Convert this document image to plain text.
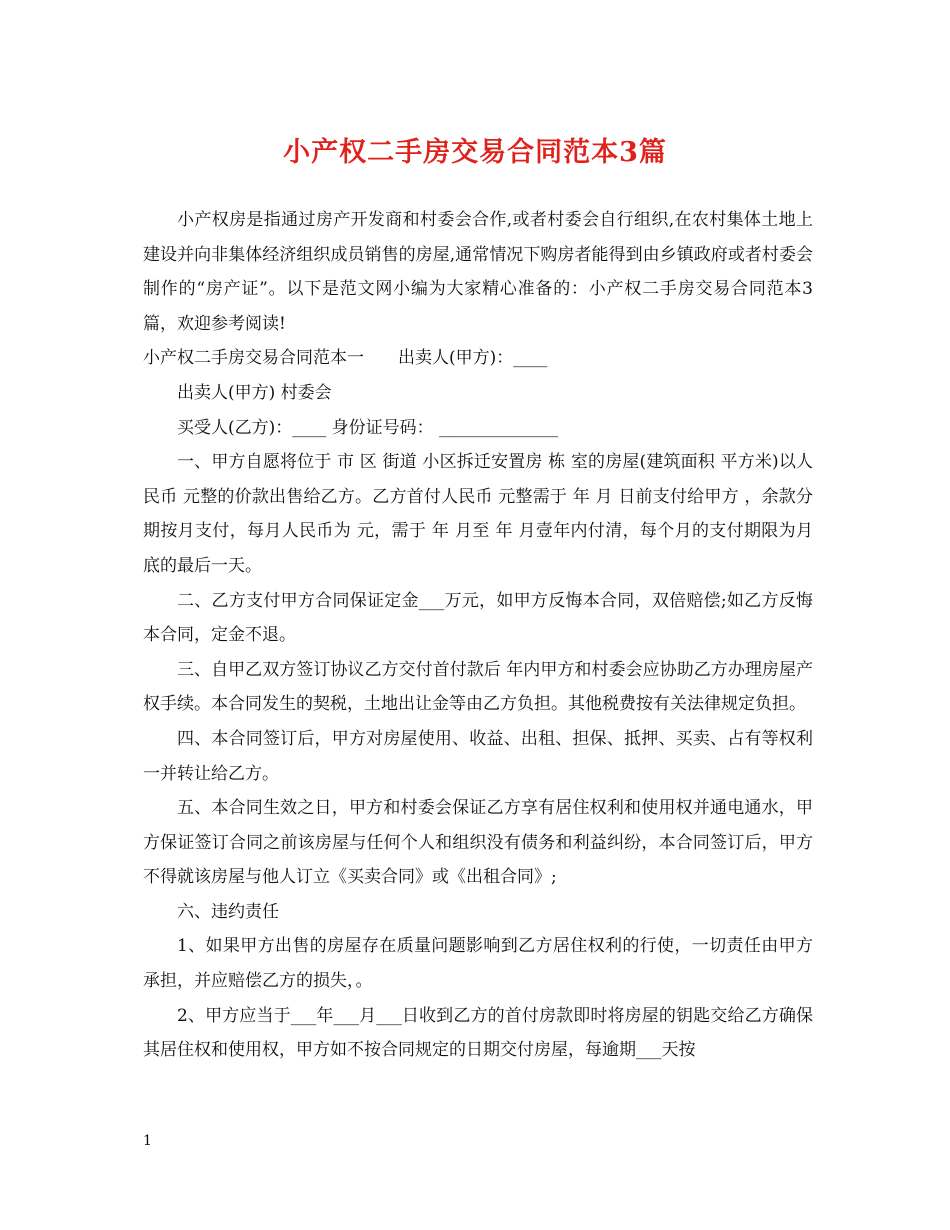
小产权二手房交易合同范本3篇

小产权房是指通过房产开发商和村委会合作,或者村委会自行组织,在农村集体土地上建设并向非集体经济组织成员销售的房屋,通常情况下购房者能得到由乡镇政府或者村委会制作的“房产证”。以下是范文网小编为大家精心准备的：小产权二手房交易合同范本3篇，欢迎参考阅读!

小产权二手房交易合同范本一　　出卖人(甲方)：____

出卖人(甲方) 村委会

买受人(乙方)：____ 身份证号码： ______________

一、甲方自愿将位于 市 区 街道 小区拆迁安置房 栋 室的房屋(建筑面积 平方米)以人民币 元整的价款出售给乙方。乙方首付人民币 元整需于 年 月 日前支付给甲方 ，余款分期按月支付，每月人民币为 元，需于 年 月至 年 月壹年内付清，每个月的支付期限为月底的最后一天。

二、乙方支付甲方合同保证定金___万元，如甲方反悔本合同，双倍赔偿;如乙方反悔本合同，定金不退。

三、自甲乙双方签订协议乙方交付首付款后 年内甲方和村委会应协助乙方办理房屋产权手续。本合同发生的契税，土地出让金等由乙方负担。其他税费按有关法律规定负担。

四、本合同签订后，甲方对房屋使用、收益、出租、担保、抵押、买卖、占有等权利一并转让给乙方。

五、本合同生效之日，甲方和村委会保证乙方享有居住权利和使用权并通电通水，甲方保证签订合同之前该房屋与任何个人和组织没有债务和利益纠纷，本合同签订后，甲方不得就该房屋与他人订立《买卖合同》或《出租合同》;

六、违约责任

1、如果甲方出售的房屋存在质量问题影响到乙方居住权利的行使，一切责任由甲方承担，并应赔偿乙方的损失，。

2、甲方应当于___年___月___日收到乙方的首付房款即时将房屋的钥匙交给乙方确保其居住权和使用权，甲方如不按合同规定的日期交付房屋，每逾期___天按

1
